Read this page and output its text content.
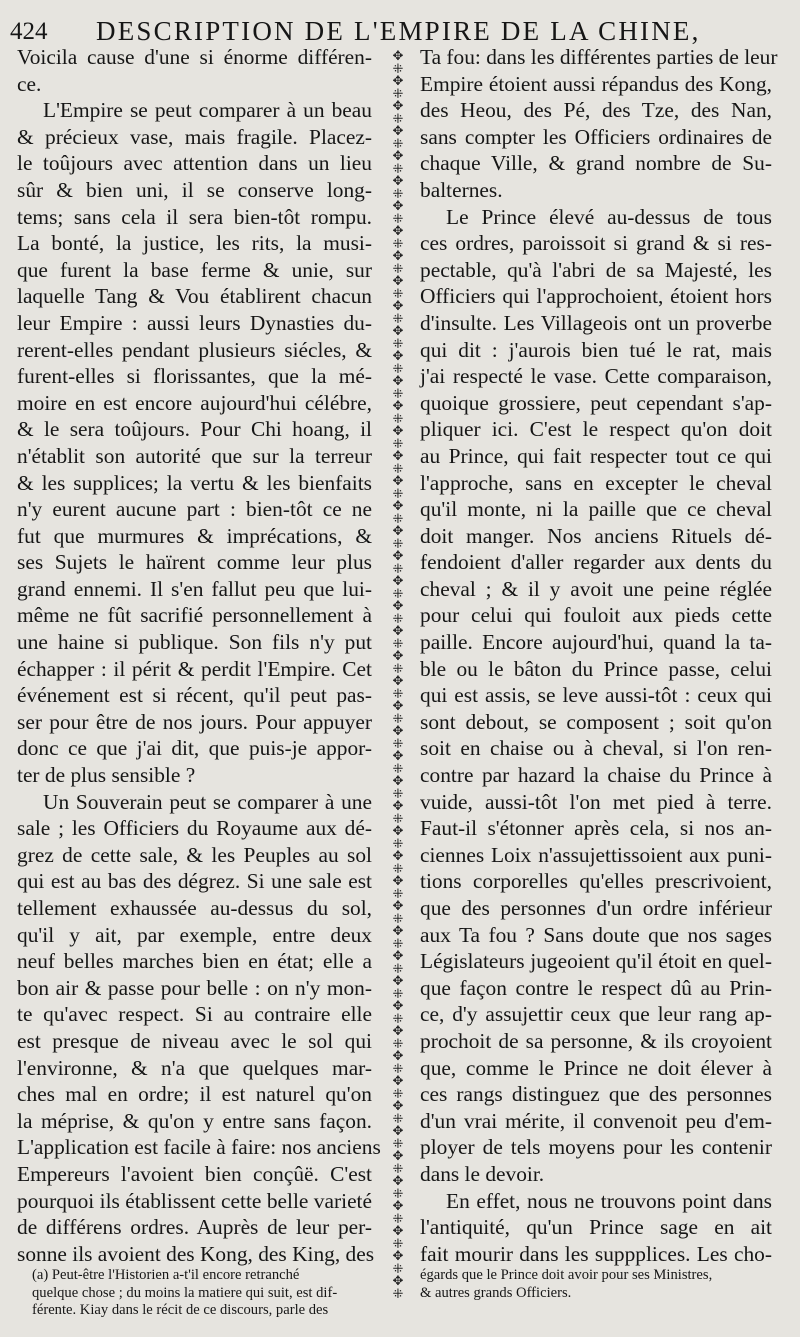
424 DESCRIPTION DE L'EMPIRE DE LA CHINE,
Voicila cause d'une si énorme différen-
ce.
L'Empire se peut comparer à un beau
& précieux vase, mais fragile. Placez-
le toûjours avec attention dans un lieu
sûr & bien uni, il se conserve long-
tems; sans cela il sera bien-tôt rompu.
La bonté, la justice, les rits, la musi-
que furent la base ferme & unie, sur
laquelle Tang & Vou établirent chacun
leur Empire : aussi leurs Dynasties du-
rerent-elles pendant plusieurs siécles, &
furent-elles si florissantes, que la mé-
moire en est encore aujourd'hui célébre,
& le sera toûjours. Pour Chi hoang, il
n'établit son autorité que sur la terreur
& les supplices; la vertu & les bienfaits
n'y eurent aucune part : bien-tôt ce ne
fut que murmures & imprécations, &
ses Sujets le haïrent comme leur plus
grand ennemi. Il s'en fallut peu que lui-
même ne fût sacrifié personnellement à
une haine si publique. Son fils n'y put
échapper : il périt & perdit l'Empire. Cet
événement est si récent, qu'il peut pas-
ser pour être de nos jours. Pour appuyer
donc ce que j'ai dit, que puis-je appor-
ter de plus sensible ?
Un Souverain peut se comparer à une
sale ; les Officiers du Royaume aux dé-
grez de cette sale, & les Peuples au sol
qui est au bas des dégrez. Si une sale est
tellement exhaussée au-dessus du sol,
qu'il y ait, par exemple, entre deux
neuf belles marches bien en état; elle a
bon air & passe pour belle : on n'y mon-
te qu'avec respect. Si au contraire elle
est presque de niveau avec le sol qui
l'environne, & n'a que quelques mar-
ches mal en ordre; il est naturel qu'on
la méprise, & qu'on y entre sans façon.
L'application est facile à faire: nos anciens
Empereurs l'avoient bien conçûë. C'est
pourquoi ils établissent cette belle varieté
de différens ordres. Auprès de leur per-
sonne ils avoient des Kong, des King, des
✥
⁜
✥
⁜
✥
⁜
✥
⁜
✥
⁜
✥
⁜
✥
⁜
✥
⁜
✥
⁜
✥
⁜
✥
⁜
✥
⁜
✥
⁜
✥
⁜
✥
⁜
✥
⁜
✥
⁜
✥
⁜
✥
⁜
✥
⁜
✥
⁜
✥
⁜
✥
⁜
✥
⁜
✥
⁜
✥
⁜
✥
⁜
✥
⁜
✥
⁜
✥
⁜
✥
⁜
✥
⁜
✥
⁜
✥
⁜
✥
⁜
✥
⁜
✥
⁜
✥
⁜
✥
⁜
✥
⁜
✥
⁜
✥
⁜
✥
⁜
✥
⁜
✥
⁜
✥
⁜
✥
⁜
✥
⁜
✥
⁜
✥
⁜

Ta fou: dans les différentes parties de leur
Empire étoient aussi répandus des Kong,
des Heou, des Pé, des Tze, des Nan,
sans compter les Officiers ordinaires de
chaque Ville, & grand nombre de Su-
balternes.
Le Prince élevé au-dessus de tous
ces ordres, paroissoit si grand & si res-
pectable, qu'à l'abri de sa Majesté, les
Officiers qui l'approchoient, étoient hors
d'insulte. Les Villageois ont un proverbe
qui dit : j'aurois bien tué le rat, mais
j'ai respecté le vase. Cette comparaison,
quoique grossiere, peut cependant s'ap-
pliquer ici. C'est le respect qu'on doit
au Prince, qui fait respecter tout ce qui
l'approche, sans en excepter le cheval
qu'il monte, ni la paille que ce cheval
doit manger. Nos anciens Rituels dé-
fendoient d'aller regarder aux dents du
cheval ; & il y avoit une peine réglée
pour celui qui fouloit aux pieds cette
paille. Encore aujourd'hui, quand la ta-
ble ou le bâton du Prince passe, celui
qui est assis, se leve aussi-tôt : ceux qui
sont debout, se composent ; soit qu'on
soit en chaise ou à cheval, si l'on ren-
contre par hazard la chaise du Prince à
vuide, aussi-tôt l'on met pied à terre.
Faut-il s'étonner après cela, si nos an-
ciennes Loix n'assujettissoient aux puni-
tions corporelles qu'elles prescrivoient,
que des personnes d'un ordre inférieur
aux Ta fou ? Sans doute que nos sages
Législateurs jugeoient qu'il étoit en quel-
que façon contre le respect dû au Prin-
ce, d'y assujettir ceux que leur rang ap-
prochoit de sa personne, & ils croyoient
que, comme le Prince ne doit élever à
ces rangs distinguez que des personnes
d'un vrai mérite, il convenoit peu d'em-
ployer de tels moyens pour les contenir
dans le devoir.
En effet, nous ne trouvons point dans
l'antiquité, qu'un Prince sage en ait
fait mourir dans les suppplices. Les cho-
(a) Peut-être l'Historien a-t'il encore retranché
quelque chose ; du moins la matiere qui suit, est dif-
férente. Kiay dans le récit de ce discours, parle des
égards que le Prince doit avoir pour ses Ministres,
& autres grands Officiers.
